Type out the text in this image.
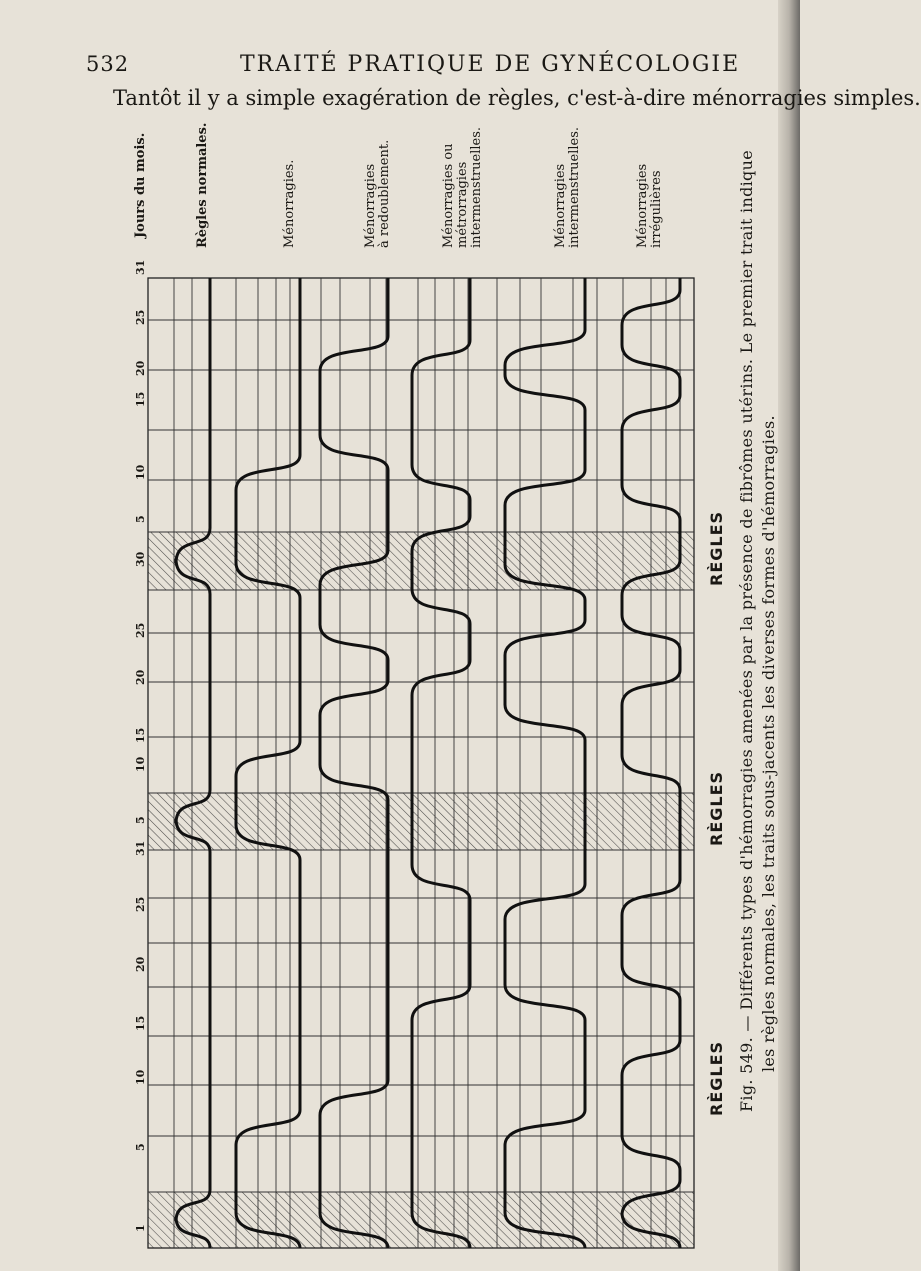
532	TRAITÉ PRATIQUE DE GYNÉCOLOGIE
Tantôt il y a simple exagération de règles, c'est-à-dire ménorragies simples.
Règles normales.	Ménorragies.	Ménorragies à redoublement.	Ménorragies ou métrorragies intermenstruelles.	Ménorragies intermenstruelles.	Ménorragies irrégulières
Jours du mois.
31
25
20
15
10
5
30
25
20
15
10
5
31
25
20
15
10
5
1
RÈGLES
RÈGLES
RÈGLES Fig. 549. — Différents types d'hémorragies amenées par la présence de fibrômes utérins. Le premier trait indique les règles normales, les traits sous-jacents les diverses formes d'hémorragies.
